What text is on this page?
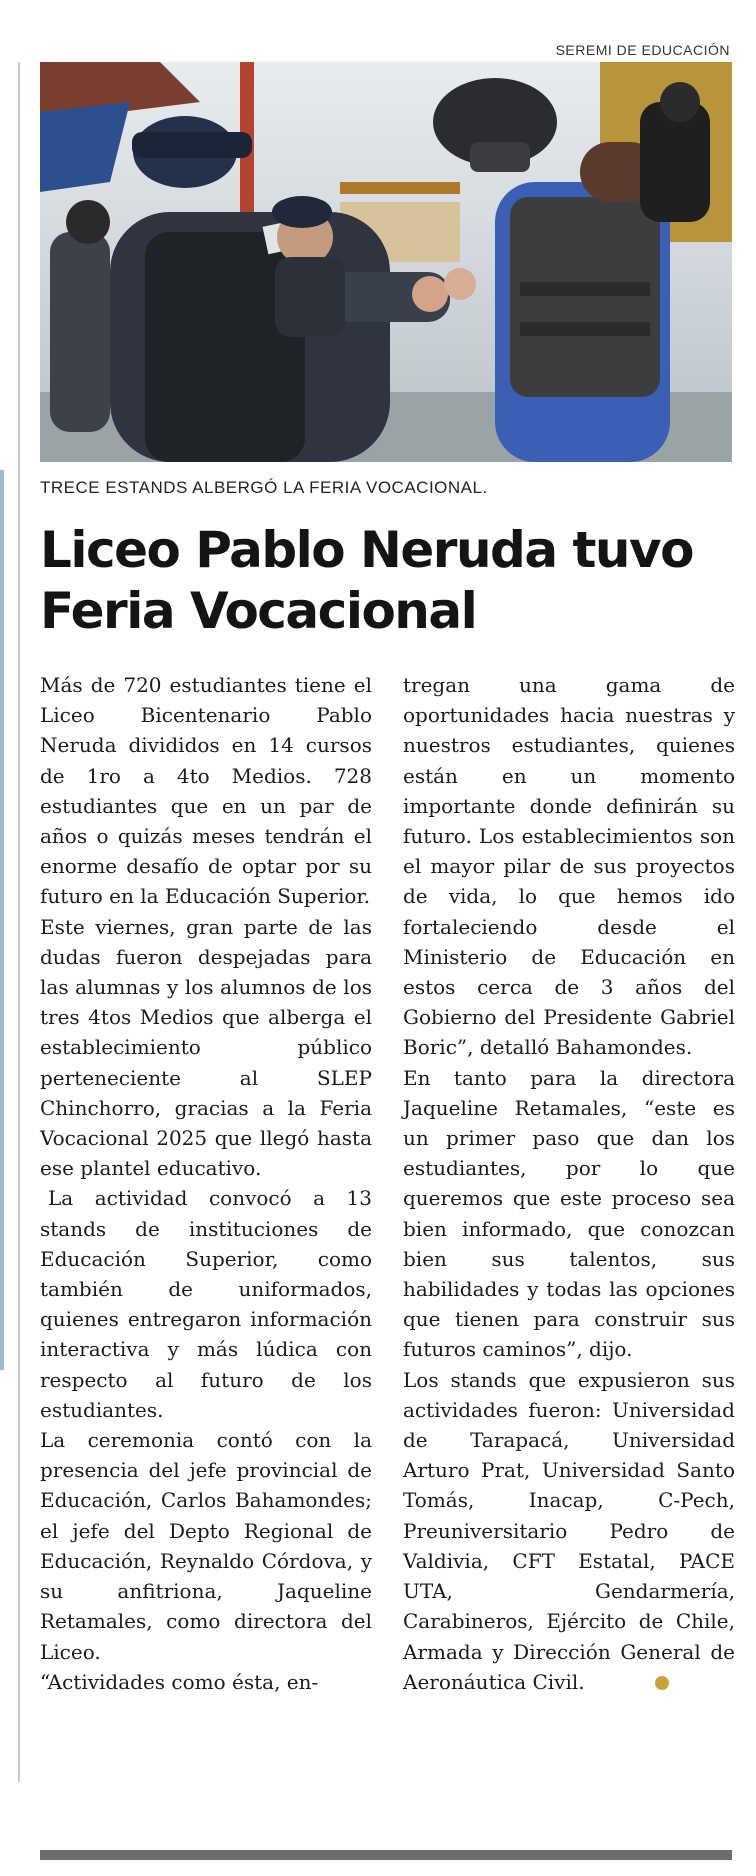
SEREMI DE EDUCACIÓN
TRECE ESTANDS ALBERGÓ LA FERIA VOCACIONAL.
Liceo Pablo Neruda tuvo Feria Vocacional

Más de 720 estudiantes tiene el Liceo Bicentenario Pablo Neruda divididos en 14 cursos de 1ro a 4to Medios. 728 estudiantes que en un par de años o quizás meses tendrán el enorme desafío de optar por su futuro en la Educación Superior.

Este viernes, gran parte de las dudas fueron despejadas para las alumnas y los alumnos de los tres 4tos Medios que alberga el establecimiento público perteneciente al SLEP Chinchorro, gracias a la Feria Vocacional 2025 que llegó hasta ese plantel educativo.

La actividad convocó a 13 stands de instituciones de Educación Superior, como también de uniformados, quienes entregaron información interactiva y más lúdica con respecto al futuro de los estudiantes.

La ceremonia contó con la presencia del jefe provincial de Educación, Carlos Bahamondes; el jefe del Depto Regional de Educación, Reynaldo Córdova, y su anfitriona, Jaqueline Retamales, como directora del Liceo.

“Actividades como ésta, en-

tregan una gama de oportunidades hacia nuestras y nuestros estudiantes, quienes están en un momento importante donde definirán su futuro. Los establecimientos son el mayor pilar de sus proyectos de vida, lo que hemos ido fortaleciendo desde el Ministerio de Educación en estos cerca de 3 años del Gobierno del Presidente Gabriel Boric”, detalló Bahamondes.

En tanto para la directora Jaqueline Retamales, “este es un primer paso que dan los estudiantes, por lo que queremos que este proceso sea bien informado, que conozcan bien sus talentos, sus habilidades y todas las opciones que tienen para construir sus futuros caminos”, dijo.

Los stands que expusieron sus actividades fueron: Universidad de Tarapacá, Universidad Arturo Prat, Universidad Santo Tomás, Inacap, C-Pech, Preuniversitario Pedro de Valdivia, CFT Estatal, PACE UTA, Gendarmería, Carabineros, Ejército de Chile, Armada y Dirección General de Aeronáutica Civil.
